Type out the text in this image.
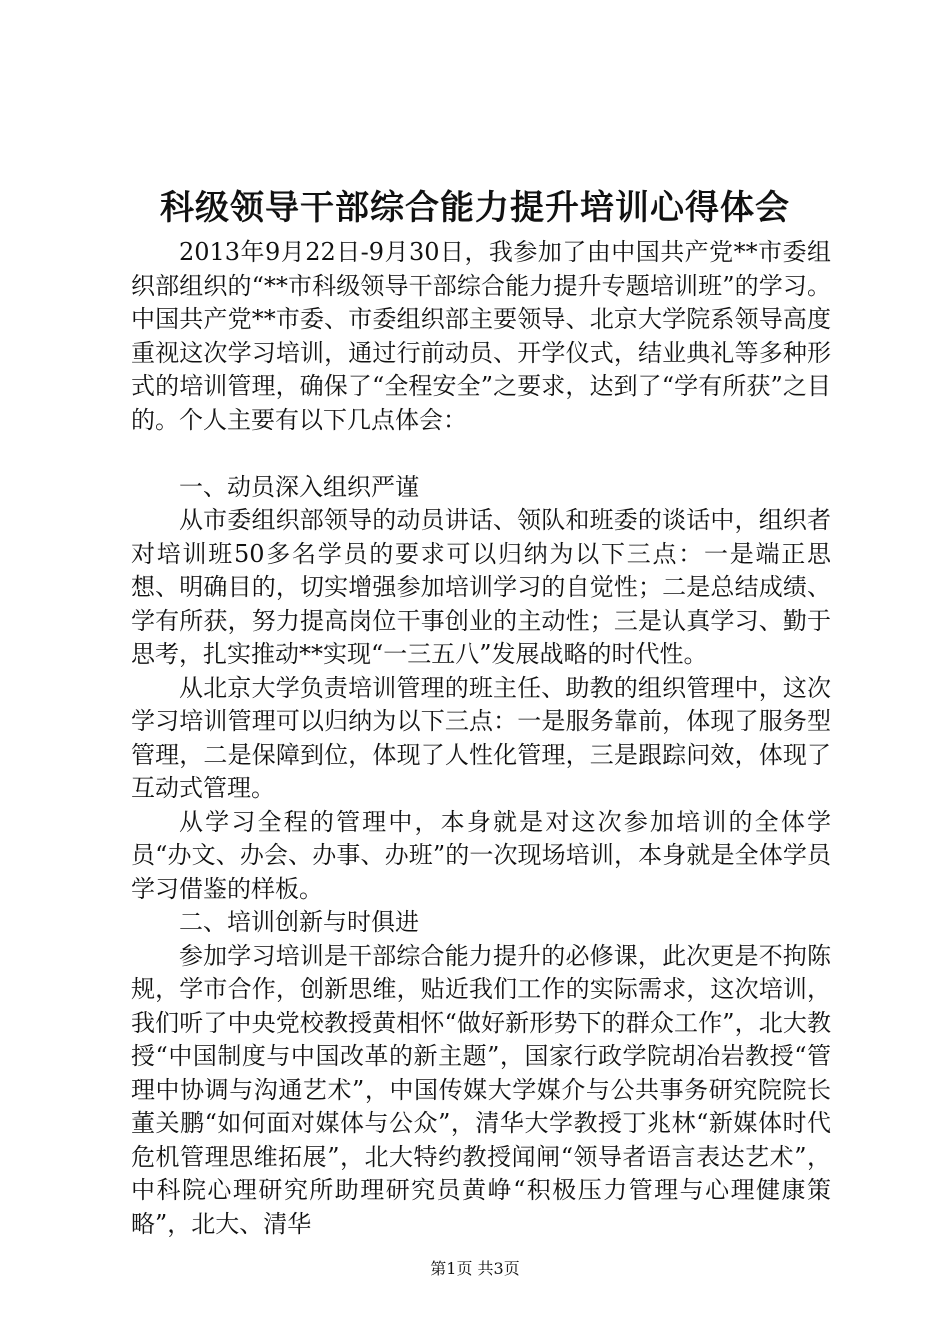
科级领导干部综合能力提升培训心得体会

2013年9月22日-9月30日，我参加了由中国共产党**市委组织部组织的“**市科级领导干部综合能力提升专题培训班”的学习。中国共产党**市委、市委组织部主要领导、北京大学院系领导高度重视这次学习培训，通过行前动员、开学仪式，结业典礼等多种形式的培训管理，确保了“全程安全”之要求，达到了“学有所获”之目的。个人主要有以下几点体会：

一、动员深入组织严谨

从市委组织部领导的动员讲话、领队和班委的谈话中，组织者对培训班50多名学员的要求可以归纳为以下三点：一是端正思想、明确目的，切实增强参加培训学习的自觉性；二是总结成绩、学有所获，努力提高岗位干事创业的主动性；三是认真学习、勤于思考，扎实推动**实现“一三五八”发展战略的时代性。

从北京大学负责培训管理的班主任、助教的组织管理中，这次学习培训管理可以归纳为以下三点：一是服务靠前，体现了服务型管理，二是保障到位，体现了人性化管理，三是跟踪问效，体现了互动式管理。

从学习全程的管理中，本身就是对这次参加培训的全体学员“办文、办会、办事、办班”的一次现场培训，本身就是全体学员学习借鉴的样板。

二、培训创新与时俱进

参加学习培训是干部综合能力提升的必修课，此次更是不拘陈规，学市合作，创新思维，贴近我们工作的实际需求，这次培训，我们听了中央党校教授黄相怀“做好新形势下的群众工作”，北大教授“中国制度与中国改革的新主题”，国家行政学院胡冶岩教授“管理中协调与沟通艺术”，中国传媒大学媒介与公共事务研究院院长董关鹏“如何面对媒体与公众”，清华大学教授丁兆林“新媒体时代危机管理思维拓展”，北大特约教授闻闸“领导者语言表达艺术”，中科院心理研究所助理研究员黄峥“积极压力管理与心理健康策略”，北大、清华

第1页 共3页
